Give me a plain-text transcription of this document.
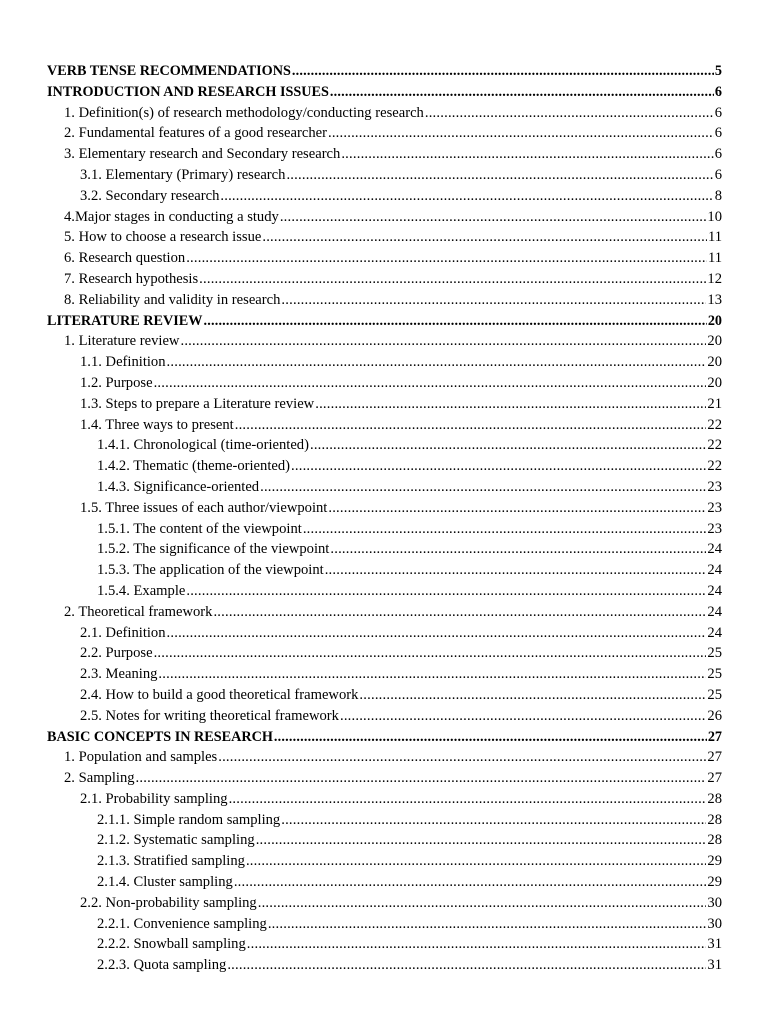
VERB TENSE RECOMMENDATIONS .....	5
INTRODUCTION AND RESEARCH ISSUES .....	6
1. Definition(s) of research methodology/conducting research .....	6
2. Fundamental features of a good researcher .....	6
3. Elementary research and Secondary research .....	6
3.1. Elementary (Primary) research .....	6
3.2. Secondary research .....	8
4.Major stages in conducting a study .....	10
5. How to choose a research issue .....	11
6. Research question .....	11
7. Research hypothesis .....	12
8. Reliability and validity in research .....	13
LITERATURE REVIEW .....	20
1. Literature review .....	20
1.1. Definition .....	20
1.2. Purpose .....	20
1.3. Steps to prepare a Literature review .....	21
1.4. Three ways to present .....	22
1.4.1. Chronological (time-oriented) .....	22
1.4.2. Thematic (theme-oriented) .....	22
1.4.3. Significance-oriented .....	23
1.5. Three issues of each author/viewpoint .....	23
1.5.1. The content of the viewpoint .....	23
1.5.2. The significance of the viewpoint .....	24
1.5.3. The application of the viewpoint .....	24
1.5.4. Example .....	24
2. Theoretical framework .....	24
2.1. Definition .....	24
2.2. Purpose .....	25
2.3. Meaning .....	25
2.4. How to build a good theoretical framework .....	25
2.5. Notes for writing theoretical framework .....	26
BASIC CONCEPTS IN RESEARCH .....	27
1. Population and samples .....	27
2. Sampling .....	27
2.1. Probability sampling .....	28
2.1.1. Simple random sampling .....	28
2.1.2. Systematic sampling .....	28
2.1.3. Stratified sampling .....	29
2.1.4. Cluster sampling .....	29
2.2. Non-probability sampling .....	30
2.2.1. Convenience sampling .....	30
2.2.2. Snowball sampling .....	31
2.2.3. Quota sampling .....	31
